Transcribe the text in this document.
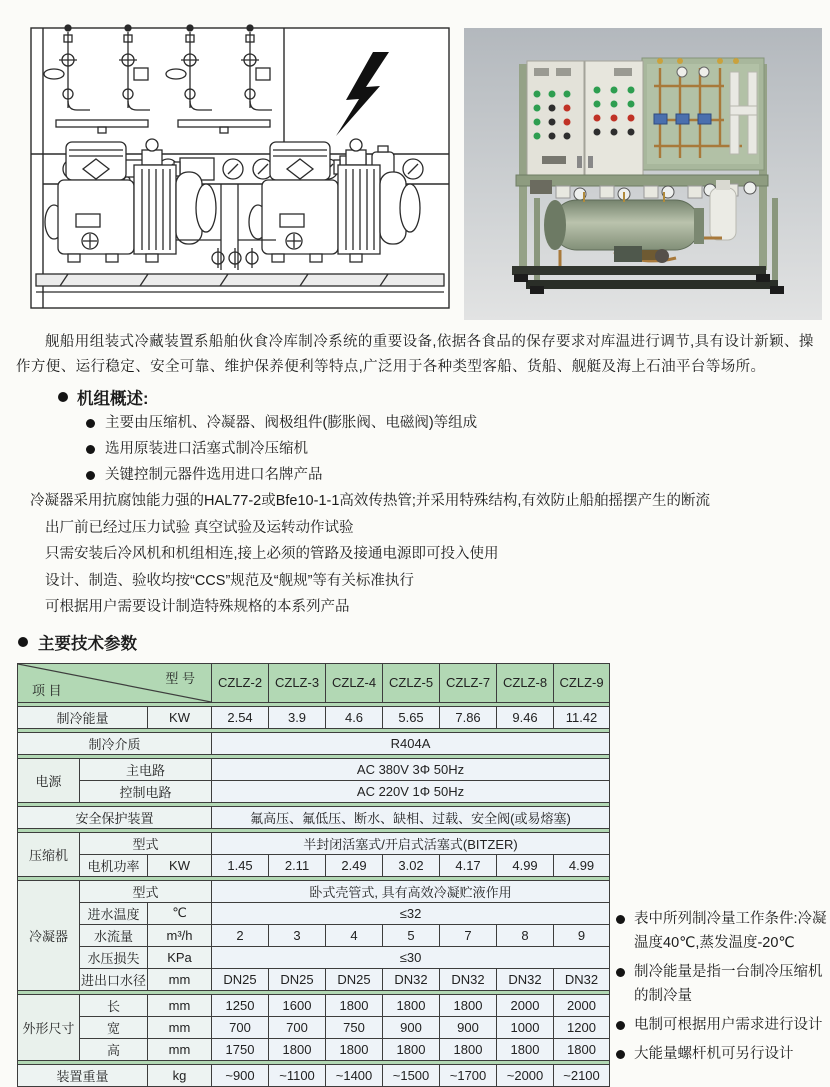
舰船用组装式冷藏装置系船舶伙食冷库制冷系统的重要设备,依据各食品的保存要求对库温进行调节,具有设计新颖、操作方便、运行稳定、安全可靠、维护保养便利等特点,广泛用于各种类型客船、货船、舰艇及海上石油平台等场所。

机组概述:
主要由压缩机、冷凝器、阀极组件(膨胀阀、电磁阀)等组成
选用原装进口活塞式制冷压缩机
关键控制元器件选用进口名牌产品
冷凝器采用抗腐蚀能力强的HAL77-2或Bfe10-1-1高效传热管;并采用特殊结构,有效防止船舶摇摆产生的断流
出厂前已经过压力试验 真空试验及运转动作试验
只需安装后冷风机和机组相连,接上必须的管路及接通电源即可投入使用
设计、制造、验收均按“CCS”规范及“舰规”等有关标准执行
可根据用户需要设计制造特殊规格的本系列产品
主要技术参数
型 号
项 目			CZLZ-2	CZLZ-3	CZLZ-4	CZLZ-5	CZLZ-7	CZLZ-8	CZLZ-9

制冷能量		KW	2.54	3.9	4.6	5.65	7.86	9.46	11.42

制冷介质			R404A						

电源	主电路		AC 380V 3Φ 50Hz						
	控制电路		AC 220V 1Φ 50Hz						

安全保护装置			氟高压、氟低压、断水、缺相、过载、安全阀(或易熔塞)						

压缩机	型式		半封闭活塞式/开启式活塞式(BITZER)						
	电机功率	KW	1.45	2.11	2.49	3.02	4.17	4.99	4.99

冷凝器	型式		卧式壳管式, 具有高效冷凝贮液作用						
	进水温度	℃	≤32						
	水流量	m³/h	2	3	4	5	7	8	9
	水压损失	KPa	≤30						
	进出口水径	mm	DN25	DN25	DN25	DN32	DN32	DN32	DN32

外形尺寸	长	mm	1250	1600	1800	1800	1800	2000	2000
	宽	mm	700	700	750	900	900	1000	1200
	高	mm	1750	1800	1800	1800	1800	1800	1800

装置重量		kg	~900	~1100	~1400	~1500	~1700	~2000	~2100
表中所列制冷量工作条件:冷凝温度40℃,蒸发温度-20℃
制冷能量是指一台制冷压缩机的制冷量
电制可根据用户需求进行设计
大能量螺杆机可另行设计
